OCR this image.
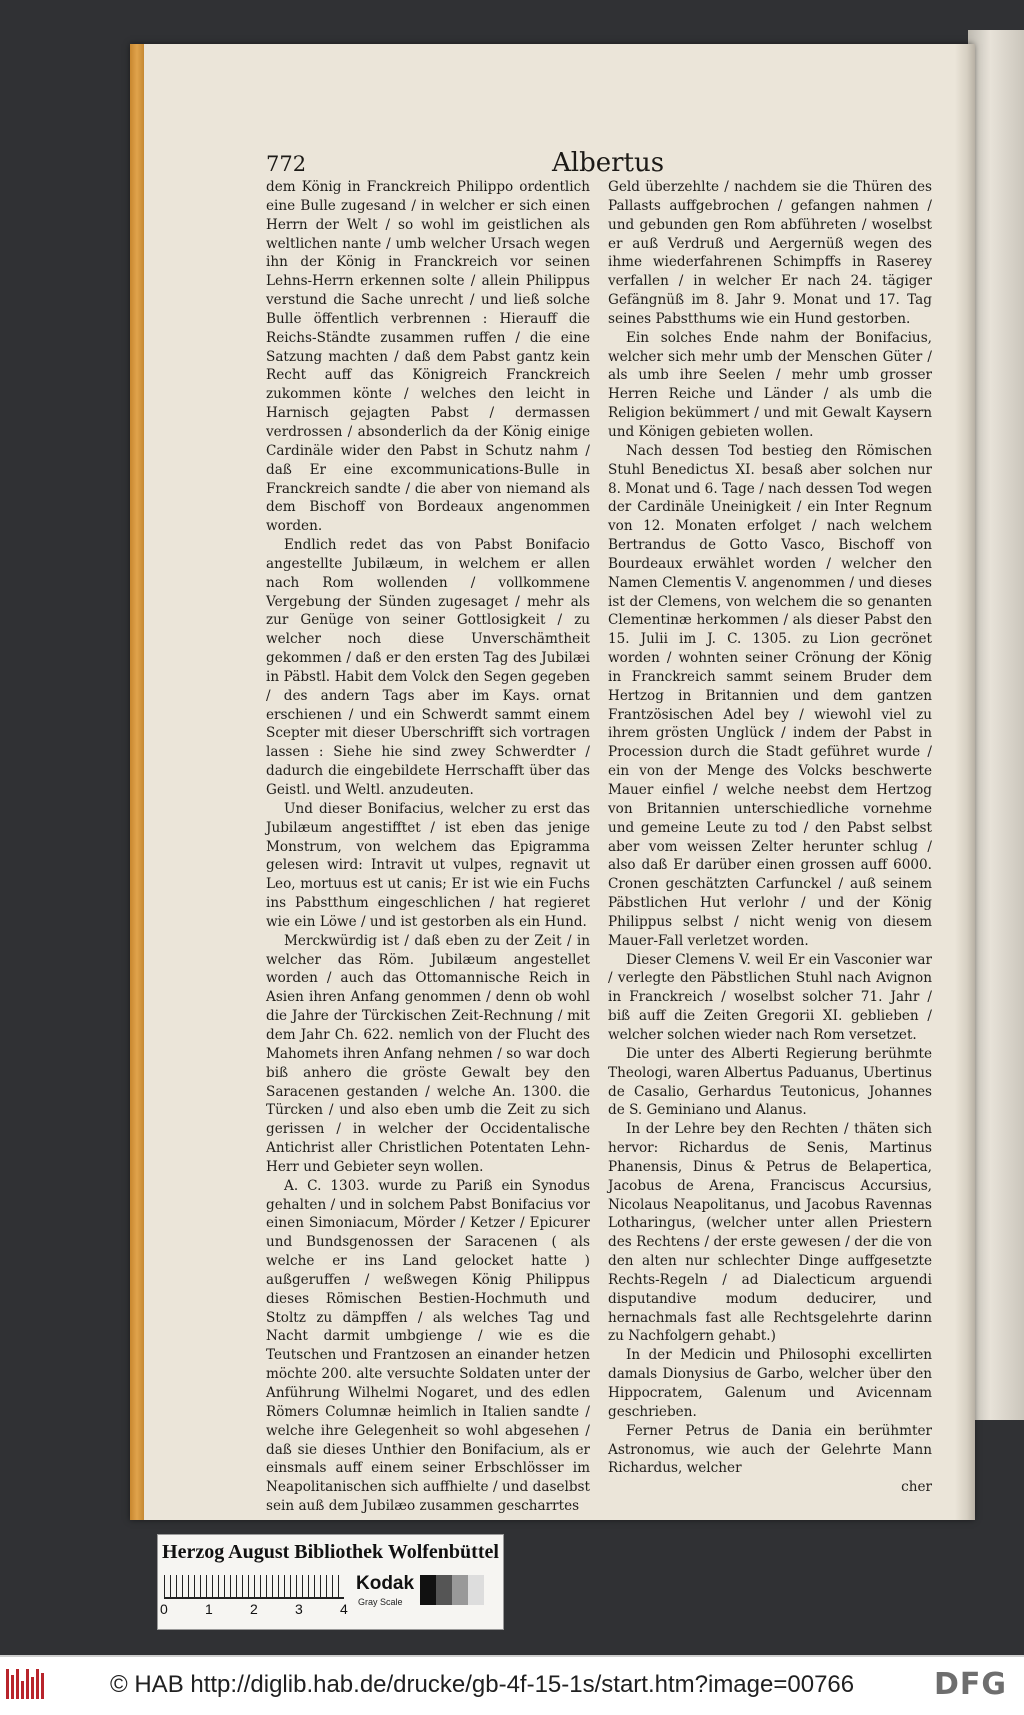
772	Albertus

dem König in Franckreich Philippo ordentlich eine Bulle zugesand / in welcher er sich einen Herrn der Welt / so wohl im geistlichen als weltlichen nante / umb welcher Ursach wegen ihn der König in Franckreich vor seinen Lehns-Herrn erkennen solte / allein Philippus verstund die Sache unrecht / und ließ solche Bulle öffentlich verbrennen : Hierauff die Reichs-Ständte zusammen ruffen / die eine Satzung machten / daß dem Pabst gantz kein Recht auff das Königreich Franckreich zukommen könte / welches den leicht in Harnisch gejagten Pabst / dermassen verdrossen / absonderlich da der König einige Cardinäle wider den Pabst in Schutz nahm / daß Er eine excommunications-Bulle in Franckreich sandte / die aber von niemand als dem Bischoff von Bordeaux angenommen worden.

Endlich redet das von Pabst Bonifacio angestellte Jubilæum, in welchem er allen nach Rom wollenden / vollkommene Vergebung der Sünden zugesaget / mehr als zur Genüge von seiner Gottlosigkeit / zu welcher noch diese Unverschämtheit gekommen / daß er den ersten Tag des Jubilæi in Päbstl. Habit dem Volck den Segen gegeben / des andern Tags aber im Kays. ornat erschienen / und ein Schwerdt sammt einem Scepter mit dieser Uberschrifft sich vortragen lassen : Siehe hie sind zwey Schwerdter / dadurch die eingebildete Herrschafft über das Geistl. und Weltl. anzudeuten.

Und dieser Bonifacius, welcher zu erst das Jubilæum angestifftet / ist eben das jenige Monstrum, von welchem das Epigramma gelesen wird: Intravit ut vulpes, regnavit ut Leo, mortuus est ut canis; Er ist wie ein Fuchs ins Pabstthum eingeschlichen / hat regieret wie ein Löwe / und ist gestorben als ein Hund.

Merckwürdig ist / daß eben zu der Zeit / in welcher das Röm. Jubilæum angestellet worden / auch das Ottomannische Reich in Asien ihren Anfang genommen / denn ob wohl die Jahre der Türckischen Zeit-Rechnung / mit dem Jahr Ch. 622. nemlich von der Flucht des Mahomets ihren Anfang nehmen / so war doch biß anhero die gröste Gewalt bey den Saracenen gestanden / welche An. 1300. die Türcken / und also eben umb die Zeit zu sich gerissen / in welcher der Occidentalische Antichrist aller Christlichen Potentaten Lehn-Herr und Gebieter seyn wollen.

A. C. 1303. wurde zu Pariß ein Synodus gehalten / und in solchem Pabst Bonifacius vor einen Simoniacum, Mörder / Ketzer / Epicurer und Bundsgenossen der Saracenen ( als welche er ins Land gelocket hatte ) außgeruffen / weßwegen König Philippus dieses Römischen Bestien-Hochmuth und Stoltz zu dämpffen / als welches Tag und Nacht darmit umbgienge / wie es die Teutschen und Frantzosen an einander hetzen möchte 200. alte versuchte Soldaten unter der Anführung Wilhelmi Nogaret, und des edlen Römers Columnæ heimlich in Italien sandte / welche ihre Gelegenheit so wohl abgesehen / daß sie dieses Unthier den Bonifacium, als er einsmals auff einem seiner Erbschlösser im Neapolitanischen sich auffhielte / und daselbst sein auß dem Jubilæo zusammen gescharrtes

Geld überzehlte / nachdem sie die Thüren des Pallasts auffgebrochen / gefangen nahmen / und gebunden gen Rom abführeten / woselbst er auß Verdruß und Aergernüß wegen des ihme wiederfahrenen Schimpffs in Raserey verfallen / in welcher Er nach 24. tägiger Gefängnüß im 8. Jahr 9. Monat und 17. Tag seines Pabstthums wie ein Hund gestorben.

Ein solches Ende nahm der Bonifacius, welcher sich mehr umb der Menschen Güter / als umb ihre Seelen / mehr umb grosser Herren Reiche und Länder / als umb die Religion bekümmert / und mit Gewalt Kaysern und Königen gebieten wollen.

Nach dessen Tod bestieg den Römischen Stuhl Benedictus XI. besaß aber solchen nur 8. Monat und 6. Tage / nach dessen Tod wegen der Cardinäle Uneinigkeit / ein Inter Regnum von 12. Monaten erfolget / nach welchem Bertrandus de Gotto Vasco, Bischoff von Bourdeaux erwählet worden / welcher den Namen Clementis V. angenommen / und dieses ist der Clemens, von welchem die so genanten Clementinæ herkommen / als dieser Pabst den 15. Julii im J. C. 1305. zu Lion gecrönet worden / wohnten seiner Crönung der König in Franckreich sammt seinem Bruder dem Hertzog in Britannien und dem gantzen Frantzösischen Adel bey / wiewohl viel zu ihrem grösten Unglück / indem der Pabst in Procession durch die Stadt geführet wurde / ein von der Menge des Volcks beschwerte Mauer einfiel / welche neebst dem Hertzog von Britannien unterschiedliche vornehme und gemeine Leute zu tod / den Pabst selbst aber vom weissen Zelter herunter schlug / also daß Er darüber einen grossen auff 6000. Cronen geschätzten Carfunckel / auß seinem Päbstlichen Hut verlohr / und der König Philippus selbst / nicht wenig von diesem Mauer-Fall verletzet worden.

Dieser Clemens V. weil Er ein Vasconier war / verlegte den Päbstlichen Stuhl nach Avignon in Franckreich / woselbst solcher 71. Jahr / biß auff die Zeiten Gregorii XI. geblieben / welcher solchen wieder nach Rom versetzet.

Die unter des Alberti Regierung berühmte Theologi, waren Albertus Paduanus, Ubertinus de Casalio, Gerhardus Teutonicus, Johannes de S. Geminiano und Alanus.

In der Lehre bey den Rechten / thäten sich hervor: Richardus de Senis, Martinus Phanensis, Dinus & Petrus de Belapertica, Jacobus de Arena, Franciscus Accursius, Nicolaus Neapolitanus, und Jacobus Ravennas Lotharingus, (welcher unter allen Priestern des Rechtens / der erste gewesen / der die von den alten nur schlechter Dinge auffgesetzte Rechts-Regeln / ad Dialecticum arguendi disputandive modum deducirer, und hernachmals fast alle Rechtsgelehrte darinn zu Nachfolgern gehabt.)

In der Medicin und Philosophi excellirten damals Dionysius de Garbo, welcher über den Hippocratem, Galenum und Avicennam geschrieben.

Ferner Petrus de Dania ein berühmter Astronomus, wie auch der Gelehrte Mann Richardus, welcher

cher

Herzog August Bibliothek Wolfenbüttel
0	1	2	3	4
Kodak
Gray Scale
© HAB http://diglib.hab.de/drucke/gb-4f-15-1s/start.htm?image=00766	DFG
